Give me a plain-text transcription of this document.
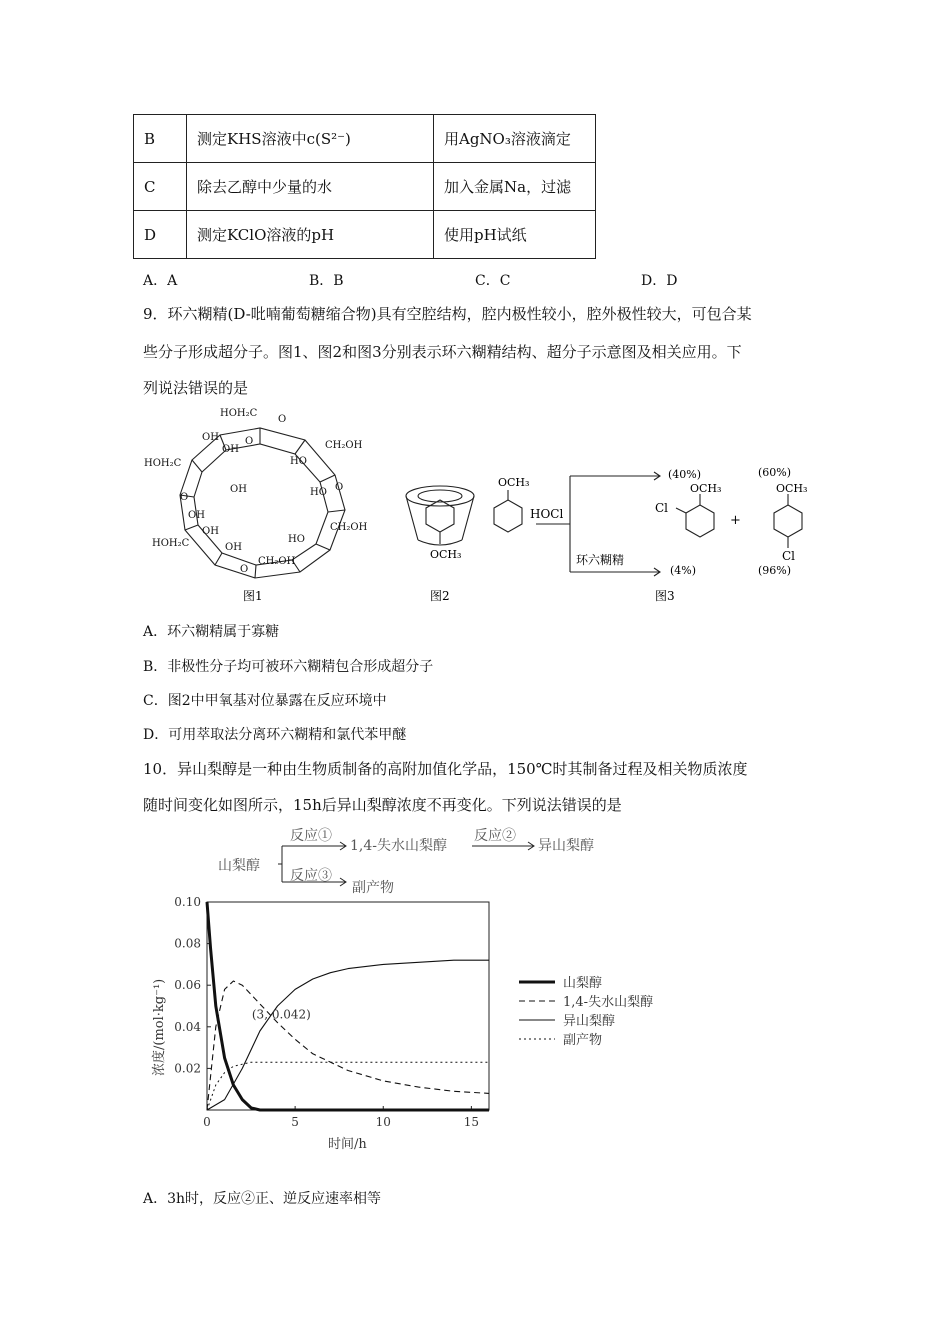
B	测定KHS溶液中c(S²⁻)	用AgNO₃溶液滴定
C	除去乙醇中少量的水	加入金属Na，过滤
D	测定KClO溶液的pH	使用pH试纸
A．A	B．B	C．C	D．D
9．环六糊精(D-吡喃葡萄糖缩合物)具有空腔结构，腔内极性较小，腔外极性较大，可包合某
些分子形成超分子。图1、图2和图3分别表示环六糊精结构、超分子示意图及相关应用。下
列说法错误的是
HOH₂C
OH
OH
O
O
CH₂OH
HOH₂C
OH
O
HO
HO
OH
O
CH₂OH
HOH₂C
OH
OH
O
CH₂OH
HO
图1
OCH₃
图2
OCH₃
HOCl
环六糊精
(40%)
OCH₃
Cl
(4%)
+
(60%)
OCH₃
Cl
(96%)
图3
A．环六糊精属于寡糖
B．非极性分子均可被环六糊精包合形成超分子
C．图2中甲氧基对位暴露在反应环境中
D．可用萃取法分离环六糊精和氯代苯甲醚
10．异山梨醇是一种由生物质制备的高附加值化学品，150℃时其制备过程及相关物质浓度
随时间变化如图所示，15h后异山梨醇浓度不再变化。下列说法错误的是
山梨醇
反应①
1,4-失水山梨醇
反应②
异山梨醇
反应③
副产物
0.02
0.04
0.06
0.08
0.10
0	5	10	15
时间/h
浓度/(mol·kg⁻¹)	山梨醇
1,4-失水山梨醇
异山梨醇
副产物
(3, 0.042)
A．3h时，反应②正、逆反应速率相等
